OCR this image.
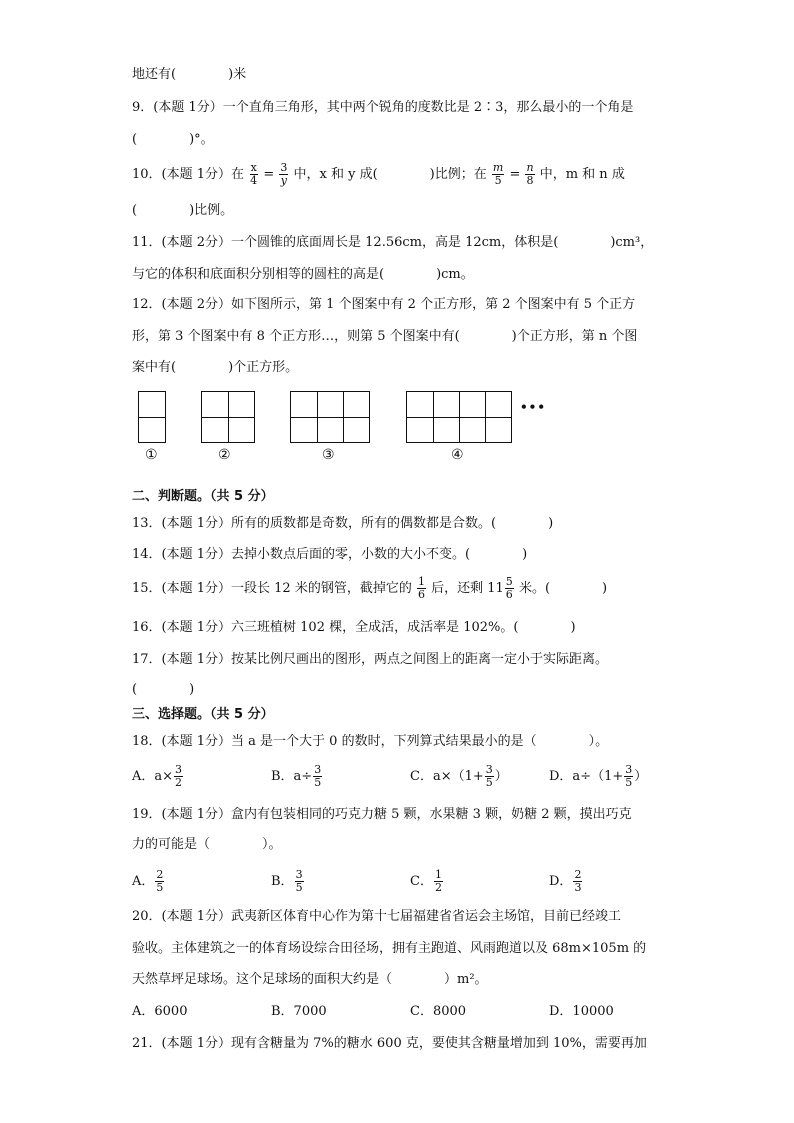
地还有(　　　　)米
9．(本题 1分）一个直角三角形，其中两个锐角的度数比是 2∶3，那么最小的一个角是
(　　　　)°。
10．(本题 1分）在 $\frac{x}{4} = \frac{3}{y}$ 中，x 和 y 成(　　　　)比例；在 $\frac{m}{5} = \frac{n}{8}$ 中，m 和 n 成
(　　　　)比例。
11．(本题 2分）一个圆锥的底面周长是 12.56cm，高是 12cm，体积是(　　　　)cm³，
与它的体积和底面积分别相等的圆柱的高是(　　　　)cm。
12．(本题 2分）如下图所示，第 1 个图案中有 2 个正方形，第 2 个图案中有 5 个正方
形，第 3 个图案中有 8 个正方形…，则第 5 个图案中有(　　　　)个正方形，第 n 个图
案中有(　　　　)个正方形。
①	②	③	④
•••
二、判断题。（共 5 分）
13．(本题 1分）所有的质数都是奇数，所有的偶数都是合数。(　　　　)
14．(本题 1分）去掉小数点后面的零，小数的大小不变。(　　　　)
15．(本题 1分）一段长 12 米的钢管，截掉它的 $\frac{1}{6}$ 后，还剩 $11 \frac{5}{6}$ 米。(　　　　)
16．(本题 1分）六三班植树 102 棵，全成活，成活率是 102%。(　　　　)
17．(本题 1分）按某比例尺画出的图形，两点之间图上的距离一定小于实际距离。
(　　　　)
三、选择题。（共 5 分）
18．(本题 1分）当 a 是一个大于 0 的数时，下列算式结果最小的是（　　　　）。
A．$a\times \frac{3}{2}$	B．$a\div \frac{3}{5}$	C．$a\times(1+ \frac{3}{5}$ ）	D．$a\div(1+ \frac{3}{5}$ ）
19．(本题 1分）盒内有包装相同的巧克力糖 5 颗，水果糖 3 颗，奶糖 2 颗，摸出巧克
力的可能是（　　　　）。
A． $\frac{2}{5}$	B． $\frac{3}{5}$	C． $\frac{1}{2}$	D． $\frac{2}{3}$
20．(本题 1分）武夷新区体育中心作为第十七届福建省省运会主场馆，目前已经竣工
验收。主体建筑之一的体育场设综合田径场，拥有主跑道、风雨跑道以及 68m×105m 的
天然草坪足球场。这个足球场的面积大约是（　　　　）m²。
A．6000	B．7000	C．8000	D．10000
21．(本题 1分）现有含糖量为 7%的糖水 600 克，要使其含糖量增加到 10%，需要再加
